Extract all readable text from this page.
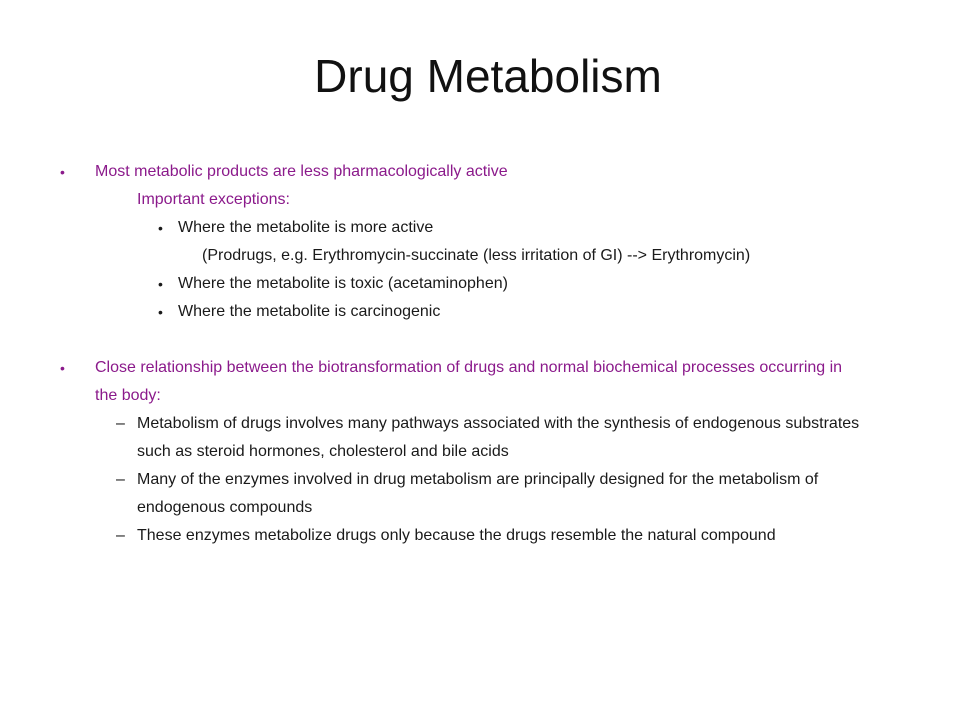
Drug Metabolism
• Most metabolic products are less pharmacologically active
Important exceptions:
• Where the metabolite is more active
(Prodrugs, e.g. Erythromycin-succinate (less irritation of GI) --> Erythromycin)
• Where the metabolite is toxic (acetaminophen)
• Where the metabolite is carcinogenic
• Close relationship between the biotransformation of drugs and normal biochemical processes occurring in
the body:
– Metabolism of drugs involves many pathways associated with the synthesis of endogenous substrates
such as steroid hormones, cholesterol and bile acids
– Many of the enzymes involved in drug metabolism are principally designed for the metabolism of
endogenous compounds
– These enzymes metabolize drugs only because the drugs resemble the natural compound
